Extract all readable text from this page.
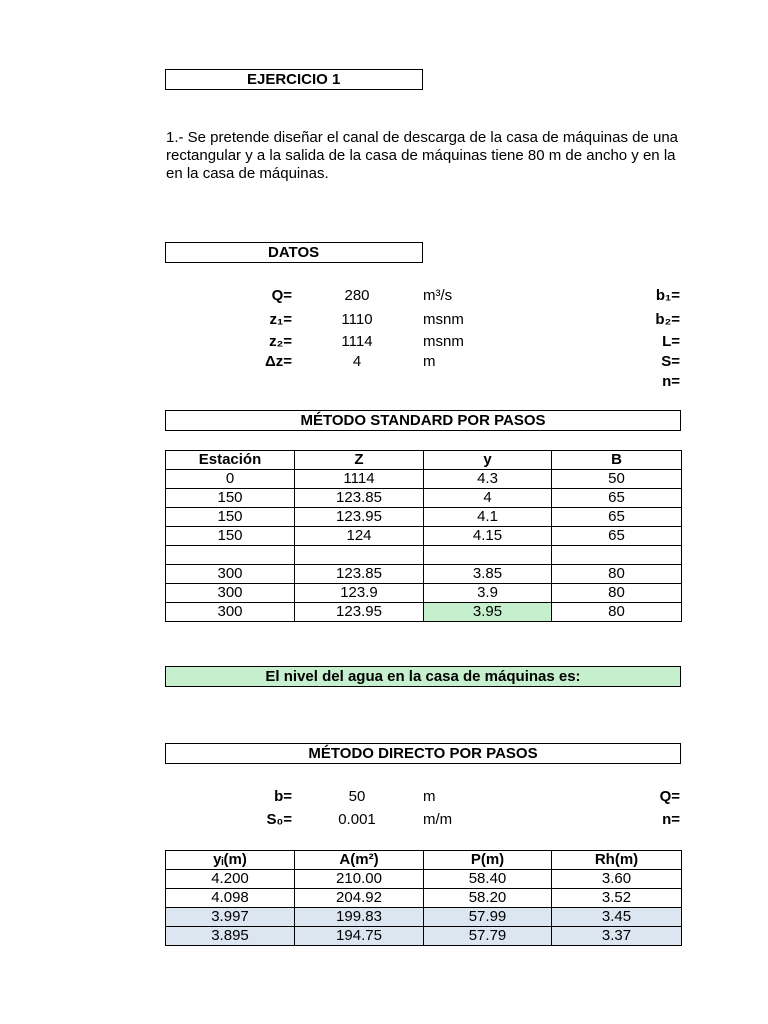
EJERCICIO 1
1.- Se pretende diseñar el canal de descarga de la casa de máquinas de una
rectangular y a la salida de la casa de máquinas tiene 80 m de ancho y en la
en la casa de máquinas.
DATOS
Q=	280	m³/s
z₁=	1110	msnm
z₂=	1114	msnm
Δz=	4	m
b₁=
b₂=
L=
S=
n=
MÉTODO STANDARD POR PASOS
Estación	Z	y	B
0	1114	4.3	50
150	123.85	4	65
150	123.95	4.1	65
150	124	4.15	65

300	123.85	3.85	80
300	123.9	3.9	80
300	123.95	3.95	80
El nivel del agua en la casa de máquinas es:
MÉTODO DIRECTO POR PASOS
b=	50	m
S₀=	0.001	m/m
Q=
n=
yᵢ(m)	A(m²)	P(m)	Rh(m)
4.200	210.00	58.40	3.60
4.098	204.92	58.20	3.52
3.997	199.83	57.99	3.45
3.895	194.75	57.79	3.37
